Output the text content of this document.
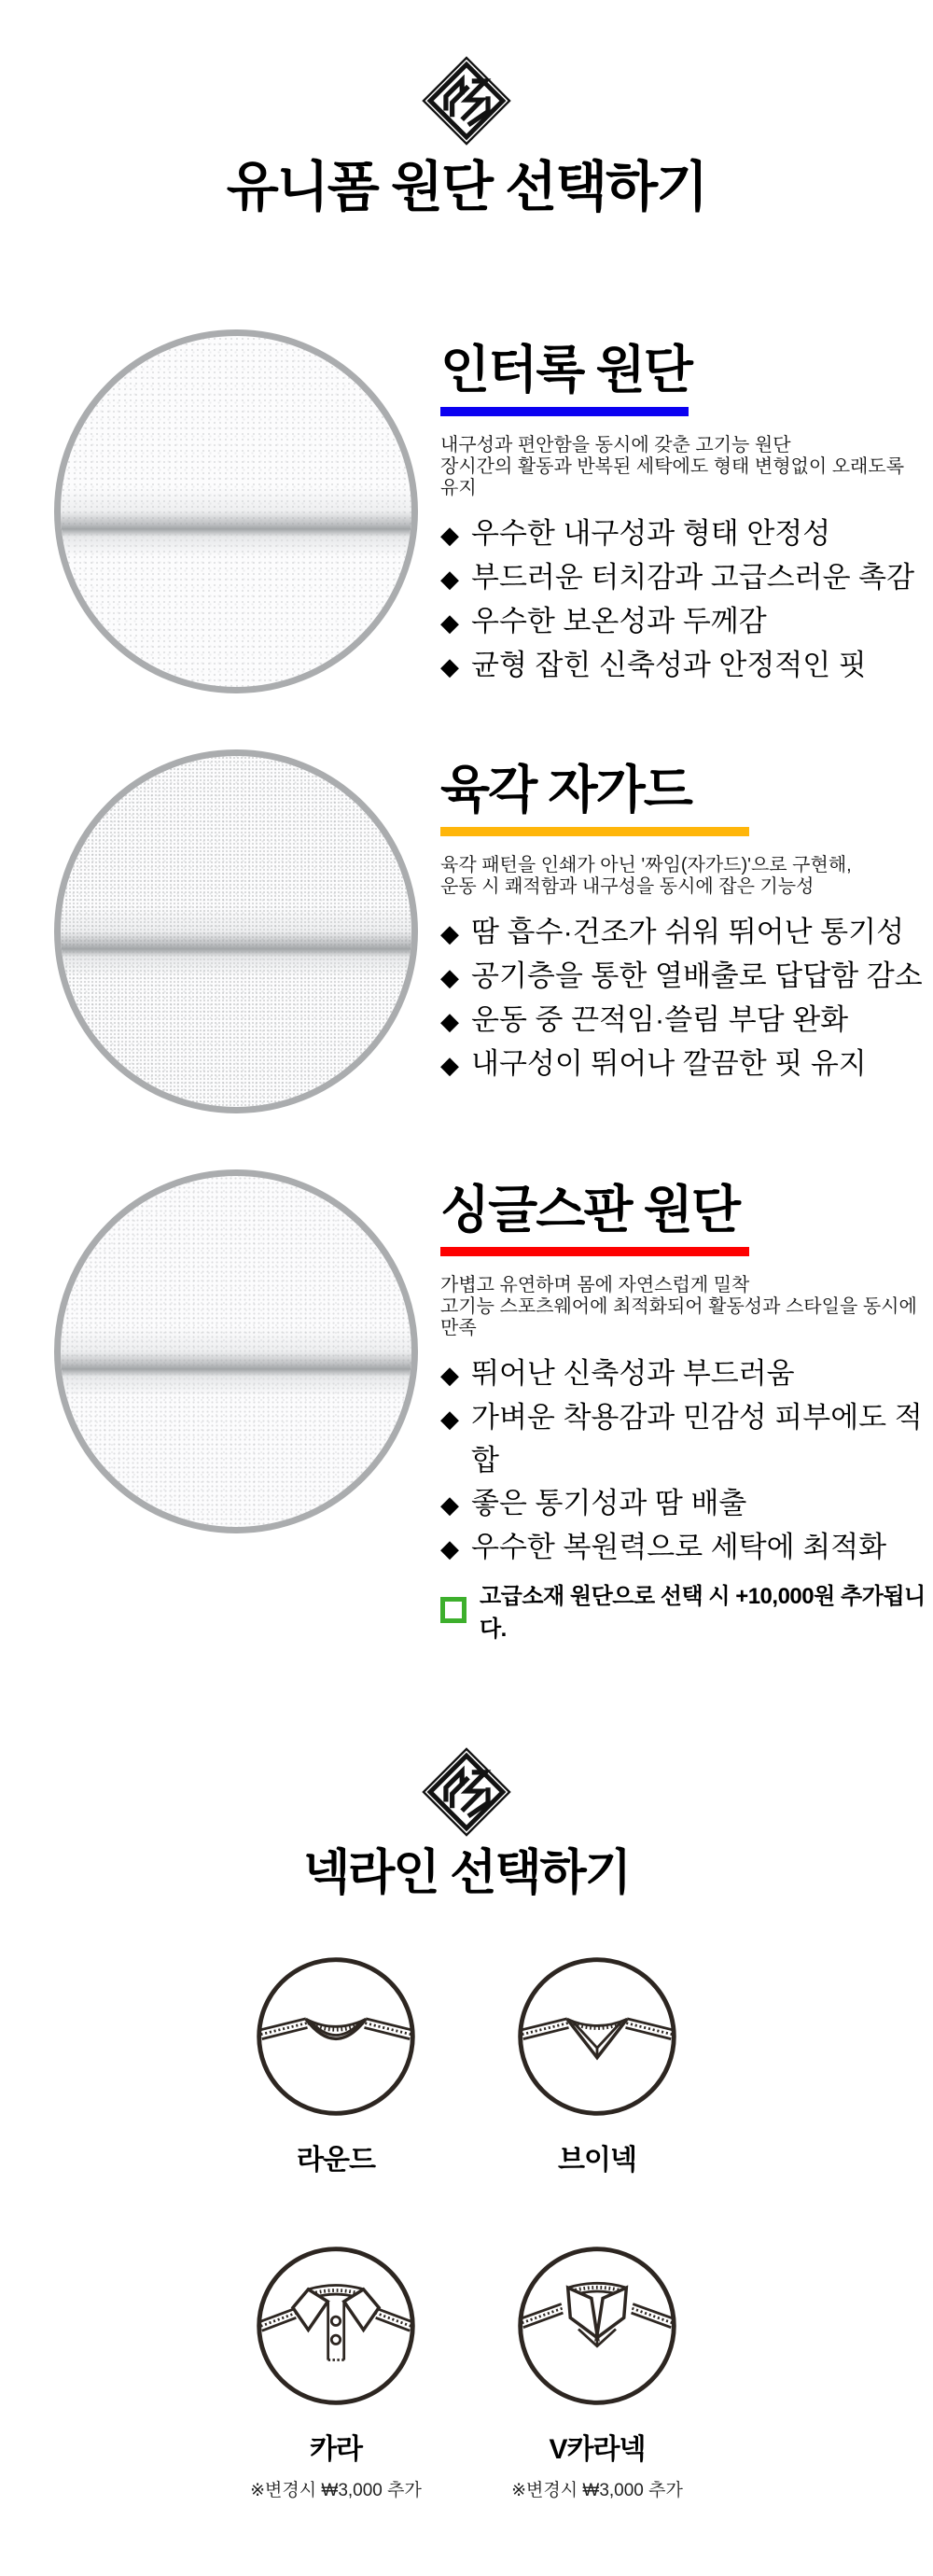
유니폼 원단 선택하기
인터록 원단
내구성과 편안함을 동시에 갖춘 고기능 원단
장시간의 활동과 반복된 세탁에도 형태 변형없이 오래도록 유지
◆ 우수한 내구성과 형태 안정성
◆ 부드러운 터치감과 고급스러운 촉감
◆ 우수한 보온성과 두께감
◆ 균형 잡힌 신축성과 안정적인 핏
육각 자가드
육각 패턴을 인쇄가 아닌 '짜임(자가드)'으로 구현해,
운동 시 쾌적함과 내구성을 동시에 잡은 기능성
◆ 땀 흡수·건조가 쉬워 뛰어난 통기성
◆ 공기층을 통한 열배출로 답답함 감소
◆ 운동 중 끈적임·쓸림 부담 완화
◆ 내구성이 뛰어나 깔끔한 핏 유지
싱글스판 원단
가볍고 유연하며 몸에 자연스럽게 밀착
고기능 스포츠웨어에 최적화되어 활동성과 스타일을 동시에 만족
◆ 뛰어난 신축성과 부드러움
◆ 가벼운 착용감과 민감성 피부에도 적합
◆ 좋은 통기성과 땀 배출
◆ 우수한 복원력으로 세탁에 최적화
고급소재 원단으로 선택 시 +10,000원 추가됩니다.
넥라인 선택하기
라운드	브이넥
카라
※변경시 ₩3,000 추가
V카라넥
※변경시 ₩3,000 추가
